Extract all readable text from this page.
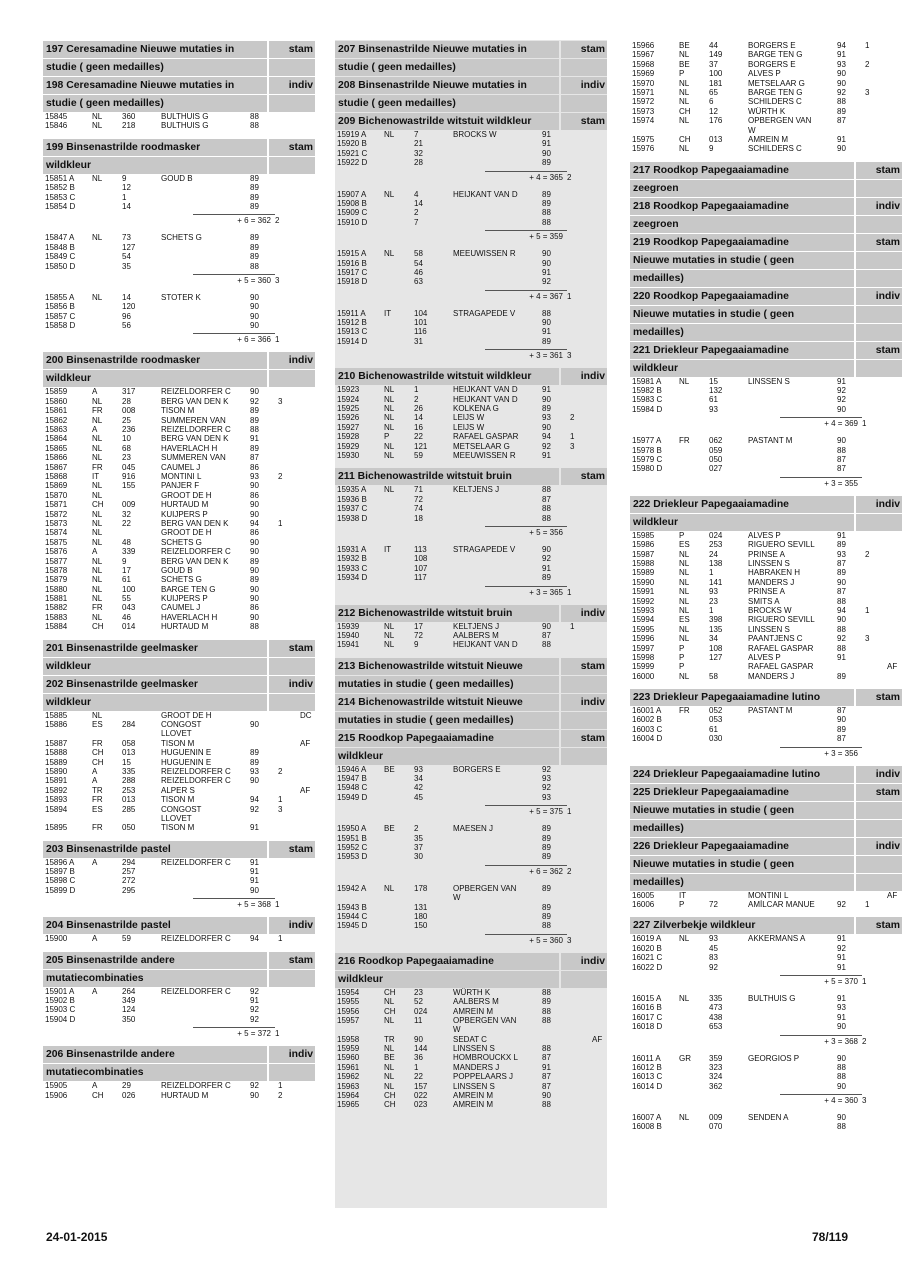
197 Ceresamadine Nieuwe mutaties in	stam
studie ( geen medailles)
198 Ceresamadine Nieuwe mutaties in	indiv
studie ( geen medailles)
15845	NL	360	BULTHUIS G	88
15846	NL	218	BULTHUIS G	88
199 Binsenastrilde roodmasker	stam
wildkleur
15851 A	NL	9	GOUD B	89
15852 B	12	89
15853 C	1	89
15854 D	14	89
+ 6 = 362 2
15847 A	NL	73	SCHETS G	89
15848 B	127	89
15849 C	54	89
15850 D	35	88
+ 5 = 360 3
15855 A	NL	14	STOTER K	90
15856 B	120	90
15857 C	96	90
15858 D	56	90
+ 6 = 366 1
200 Binsenastrilde roodmasker	indiv
wildkleur
15859	A	317	REIZELDORFER C	90
15860	NL	28	BERG VAN DEN K	92	3
15861	FR	008	TISON M	89
15862	NL	25	SUMMEREN VAN	89
15863	A	236	REIZELDORFER C	88
15864	NL	10	BERG VAN DEN K	91
15865	NL	68	HAVERLACH H	89
15866	NL	23	SUMMEREN VAN	87
15867	FR	045	CAUMEL J	86
15868	IT	916	MONTINI L	93	2
15869	NL	155	PANJER F	90
15870	NL	GROOT DE H	86
15871	CH	009	HURTAUD M	90
15872	NL	32	KUIJPERS P	90
15873	NL	22	BERG VAN DEN K	94	1
15874	NL	GROOT DE H	86
15875	NL	48	SCHETS G	90
15876	A	339	REIZELDORFER C	90
15877	NL	9	BERG VAN DEN K	89
15878	NL	17	GOUD B	90
15879	NL	61	SCHETS G	89
15880	NL	100	BARGE TEN G	90
15881	NL	55	KUIJPERS P	90
15882	FR	043	CAUMEL J	86
15883	NL	46	HAVERLACH H	90
15884	CH	014	HURTAUD M	88
201 Binsenastrilde geelmasker	stam
wildkleur
202 Binsenastrilde geelmasker	indiv
wildkleur
15885	NL	GROOT DE H	DC
15886	ES	284	CONGOST	90
LLOVET
15887	FR	058	TISON M	AF
15888	CH	013	HUGUENIN E	89
15889	CH	15	HUGUENIN E	89
15890	A	335	REIZELDORFER C	93	2
15891	A	288	REIZELDORFER C	90
15892	TR	253	ALPER S	AF
15893	FR	013	TISON M	94	1
15894	ES	285	CONGOST	92	3
LLOVET
15895	FR	050	TISON M	91
203 Binsenastrilde pastel	stam
15896 A	A	294	REIZELDORFER C	91
15897 B	257	91
15898 C	272	91
15899 D	295	90
+ 5 = 368 1
204 Binsenastrilde pastel	indiv
15900	A	59	REIZELDORFER C	94	1
205 Binsenastrilde andere	stam
mutatiecombinaties
15901 A	A	264	REIZELDORFER C	92
15902 B	349	91
15903 C	124	92
15904 D	350	92
+ 5 = 372 1
206 Binsenastrilde andere	indiv
mutatiecombinaties
15905	A	29	REIZELDORFER C	92	1
15906	CH	026	HURTAUD M	90	2
207 Binsenastrilde Nieuwe mutaties in	stam
studie ( geen medailles)
208 Binsenastrilde Nieuwe mutaties in	indiv
studie ( geen medailles)
209 Bichenowastrilde witstuit wildkleur	stam
15919 A	NL	7	BROCKS W	91
15920 B	21	91
15921 C	32	90
15922 D	28	89
+ 4 = 365 2
15907 A	NL	4	HEIJKANT VAN D	89
15908 B	14	89
15909 C	2	88
15910 D	7	88
+ 5 = 359
15915 A	NL	58	MEEUWISSEN R	90
15916 B	54	90
15917 C	46	91
15918 D	63	92
+ 4 = 367 1
15911 A	IT	104	STRAGAPEDE V	88
15912 B	101	90
15913 C	116	91
15914 D	31	89
+ 3 = 361 3
210 Bichenowastrilde witstuit wildkleur	indiv
15923	NL	1	HEIJKANT VAN D	91
15924	NL	2	HEIJKANT VAN D	90
15925	NL	26	KOLKENA G	89
15926	NL	14	LEIJS W	93	2
15927	NL	16	LEIJS W	90
15928	P	22	RAFAEL GASPAR	94	1
15929	NL	121	METSELAAR G	92	3
15930	NL	59	MEEUWISSEN R	91
211 Bichenowastrilde witstuit bruin	stam
15935 A	NL	71	KELTJENS J	88
15936 B	72	87
15937 C	74	88
15938 D	18	88
+ 5 = 356
15931 A	IT	113	STRAGAPEDE V	90
15932 B	108	92
15933 C	107	91
15934 D	117	89
+ 3 = 365 1
212 Bichenowastrilde witstuit bruin	indiv
15939	NL	17	KELTJENS J	90	1
15940	NL	72	AALBERS M	87
15941	NL	9	HEIJKANT VAN D	88
213 Bichenowastrilde witstuit Nieuwe	stam
mutaties in studie ( geen medailles)
214 Bichenowastrilde witstuit Nieuwe	indiv
mutaties in studie ( geen medailles)
215 Roodkop Papegaaiamadine	stam
wildkleur
15946 A	BE	93	BORGERS E	92
15947 B	34	93
15948 C	42	92
15949 D	45	93
+ 5 = 375 1
15950 A	BE	2	MAESEN J	89
15951 B	35	89
15952 C	37	89
15953 D	30	89
+ 6 = 362 2
15942 A	NL	178	OPBERGEN VAN	89
W
15943 B	131	89
15944 C	180	89
15945 D	150	88
+ 5 = 360 3
216 Roodkop Papegaaiamadine	indiv
wildkleur
15954	CH	23	WÜRTH K	88
15955	NL	52	AALBERS M	89
15956	CH	024	AMREIN M	88
15957	NL	11	OPBERGEN VAN	88
W
15958	TR	90	SEDAT C	AF
15959	NL	144	LINSSEN S	88
15960	BE	36	HOMBROUCKX L	87
15961	NL	1	MANDERS J	91
15962	NL	22	POPPELAARS J	87
15963	NL	157	LINSSEN S	87
15964	CH	022	AMREIN M	90
15965	CH	023	AMREIN M	88
15966	BE	44	BORGERS E	94	1
15967	NL	149	BARGE TEN G	91
15968	BE	37	BORGERS E	93	2
15969	P	100	ALVES P	90
15970	NL	181	METSELAAR G	90
15971	NL	65	BARGE TEN G	92	3
15972	NL	6	SCHILDERS C	88
15973	CH	12	WÜRTH K	89
15974	NL	176	OPBERGEN VAN	87
W
15975	CH	013	AMREIN M	91
15976	NL	9	SCHILDERS C	90
217 Roodkop Papegaaiamadine	stam
zeegroen
218 Roodkop Papegaaiamadine	indiv
zeegroen
219 Roodkop Papegaaiamadine	stam
Nieuwe mutaties in studie ( geen
medailles)
220 Roodkop Papegaaiamadine	indiv
Nieuwe mutaties in studie ( geen
medailles)
221 Driekleur Papegaaiamadine	stam
wildkleur
15981 A	NL	15	LINSSEN S	91
15982 B	132	92
15983 C	61	92
15984 D	93	90
+ 4 = 369 1
15977 A	FR	062	PASTANT M	90
15978 B	059	88
15979 C	050	87
15980 D	027	87
+ 3 = 355
222 Driekleur Papegaaiamadine	indiv
wildkleur
15985	P	024	ALVES P	91
15986	ES	253	RIGUERO SEVILL	89
15987	NL	24	PRINSE A	93	2
15988	NL	138	LINSSEN S	87
15989	NL	1	HABRAKEN H	89
15990	NL	141	MANDERS J	90
15991	NL	93	PRINSE A	87
15992	NL	23	SMITS A	88
15993	NL	1	BROCKS W	94	1
15994	ES	398	RIGUERO SEVILL	90
15995	NL	135	LINSSEN S	88
15996	NL	34	PAANTJENS C	92	3
15997	P	108	RAFAEL GASPAR	88
15998	P	127	ALVES P	91
15999	P	RAFAEL GASPAR	AF
16000	NL	58	MANDERS J	89
223 Driekleur Papegaaiamadine lutino	stam
16001 A	FR	052	PASTANT M	87
16002 B	053	90
16003 C	61	89
16004 D	030	87
+ 3 = 356
224 Driekleur Papegaaiamadine lutino	indiv
225 Driekleur Papegaaiamadine	stam
Nieuwe mutaties in studie ( geen
medailles)
226 Driekleur Papegaaiamadine	indiv
Nieuwe mutaties in studie ( geen
medailles)
16005	IT	MONTINI L	AF
16006	P	72	AMÍLCAR MANUE	92	1
227 Zilverbekje wildkleur	stam
16019 A	NL	93	AKKERMANS A	91
16020 B	45	92
16021 C	83	91
16022 D	92	91
+ 5 = 370 1
16015 A	NL	335	BULTHUIS G	91
16016 B	473	93
16017 C	438	91
16018 D	653	90
+ 3 = 368 2
16011 A	GR	359	GEORGIOS P	90
16012 B	323	88
16013 C	324	88
16014 D	362	90
+ 4 = 360 3
16007 A	NL	009	SENDEN A	90
16008 B	070	88
24-01-2015	78/119
